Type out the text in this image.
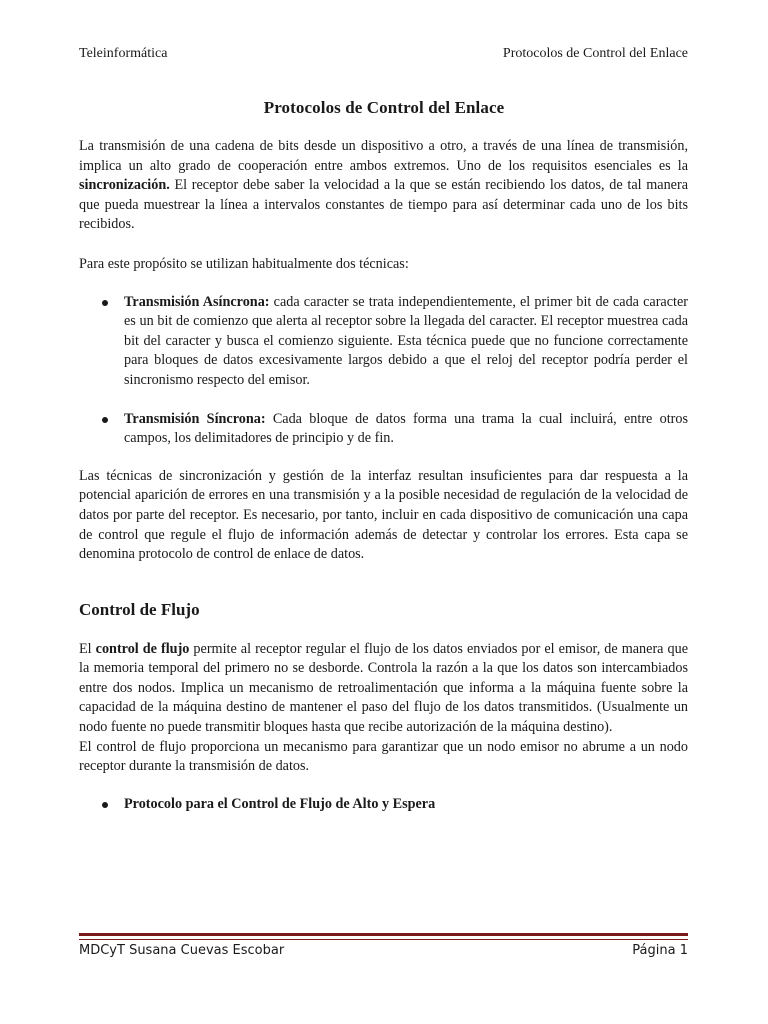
Teleinformática	Protocolos de Control del Enlace
Protocolos de Control del Enlace

La transmisión de una cadena de bits desde un dispositivo a otro, a través de una línea de transmisión, implica un alto grado de cooperación entre ambos extremos. Uno de los requisitos esenciales es la sincronización. El receptor debe saber la velocidad a la que se están recibiendo los datos, de tal manera que pueda muestrear la línea a intervalos constantes de tiempo para así determinar cada uno de los bits recibidos.

Para este propósito se utilizan habitualmente dos técnicas:

Transmisión Asíncrona: cada caracter se trata independientemente, el primer bit de cada caracter es un bit de comienzo que alerta al receptor sobre la llegada del caracter. El receptor muestrea cada bit del caracter y busca el comienzo siguiente. Esta técnica puede que no funcione correctamente para bloques de datos excesivamente largos debido a que el reloj del receptor podría perder el sincronismo respecto del emisor.
Transmisión Síncrona: Cada bloque de datos forma una trama la cual incluirá, entre otros campos, los delimitadores de principio y de fin.

Las técnicas de sincronización y gestión de la interfaz resultan insuficientes para dar respuesta a la potencial aparición de errores en una transmisión y a la posible necesidad de regulación de la velocidad de datos por parte del receptor. Es necesario, por tanto, incluir en cada dispositivo de comunicación una capa de control que regule el flujo de información además de detectar y controlar los errores. Esta capa se denomina protocolo de control de enlace de datos.

Control de Flujo

El control de flujo permite al receptor regular el flujo de los datos enviados por el emisor, de manera que la memoria temporal del primero no se desborde. Controla la razón a la que los datos son intercambiados entre dos nodos. Implica un mecanismo de retroalimentación que informa a la máquina fuente sobre la capacidad de la máquina destino de mantener el paso del flujo de los datos transmitidos. (Usualmente un nodo fuente no puede transmitir bloques hasta que recibe autorización de la máquina destino).

El control de flujo proporciona un mecanismo para garantizar que un nodo emisor no abrume a un nodo receptor durante la transmisión de datos.

Protocolo para el Control de Flujo de Alto y Espera
MDCyT Susana Cuevas Escobar	Página 1
